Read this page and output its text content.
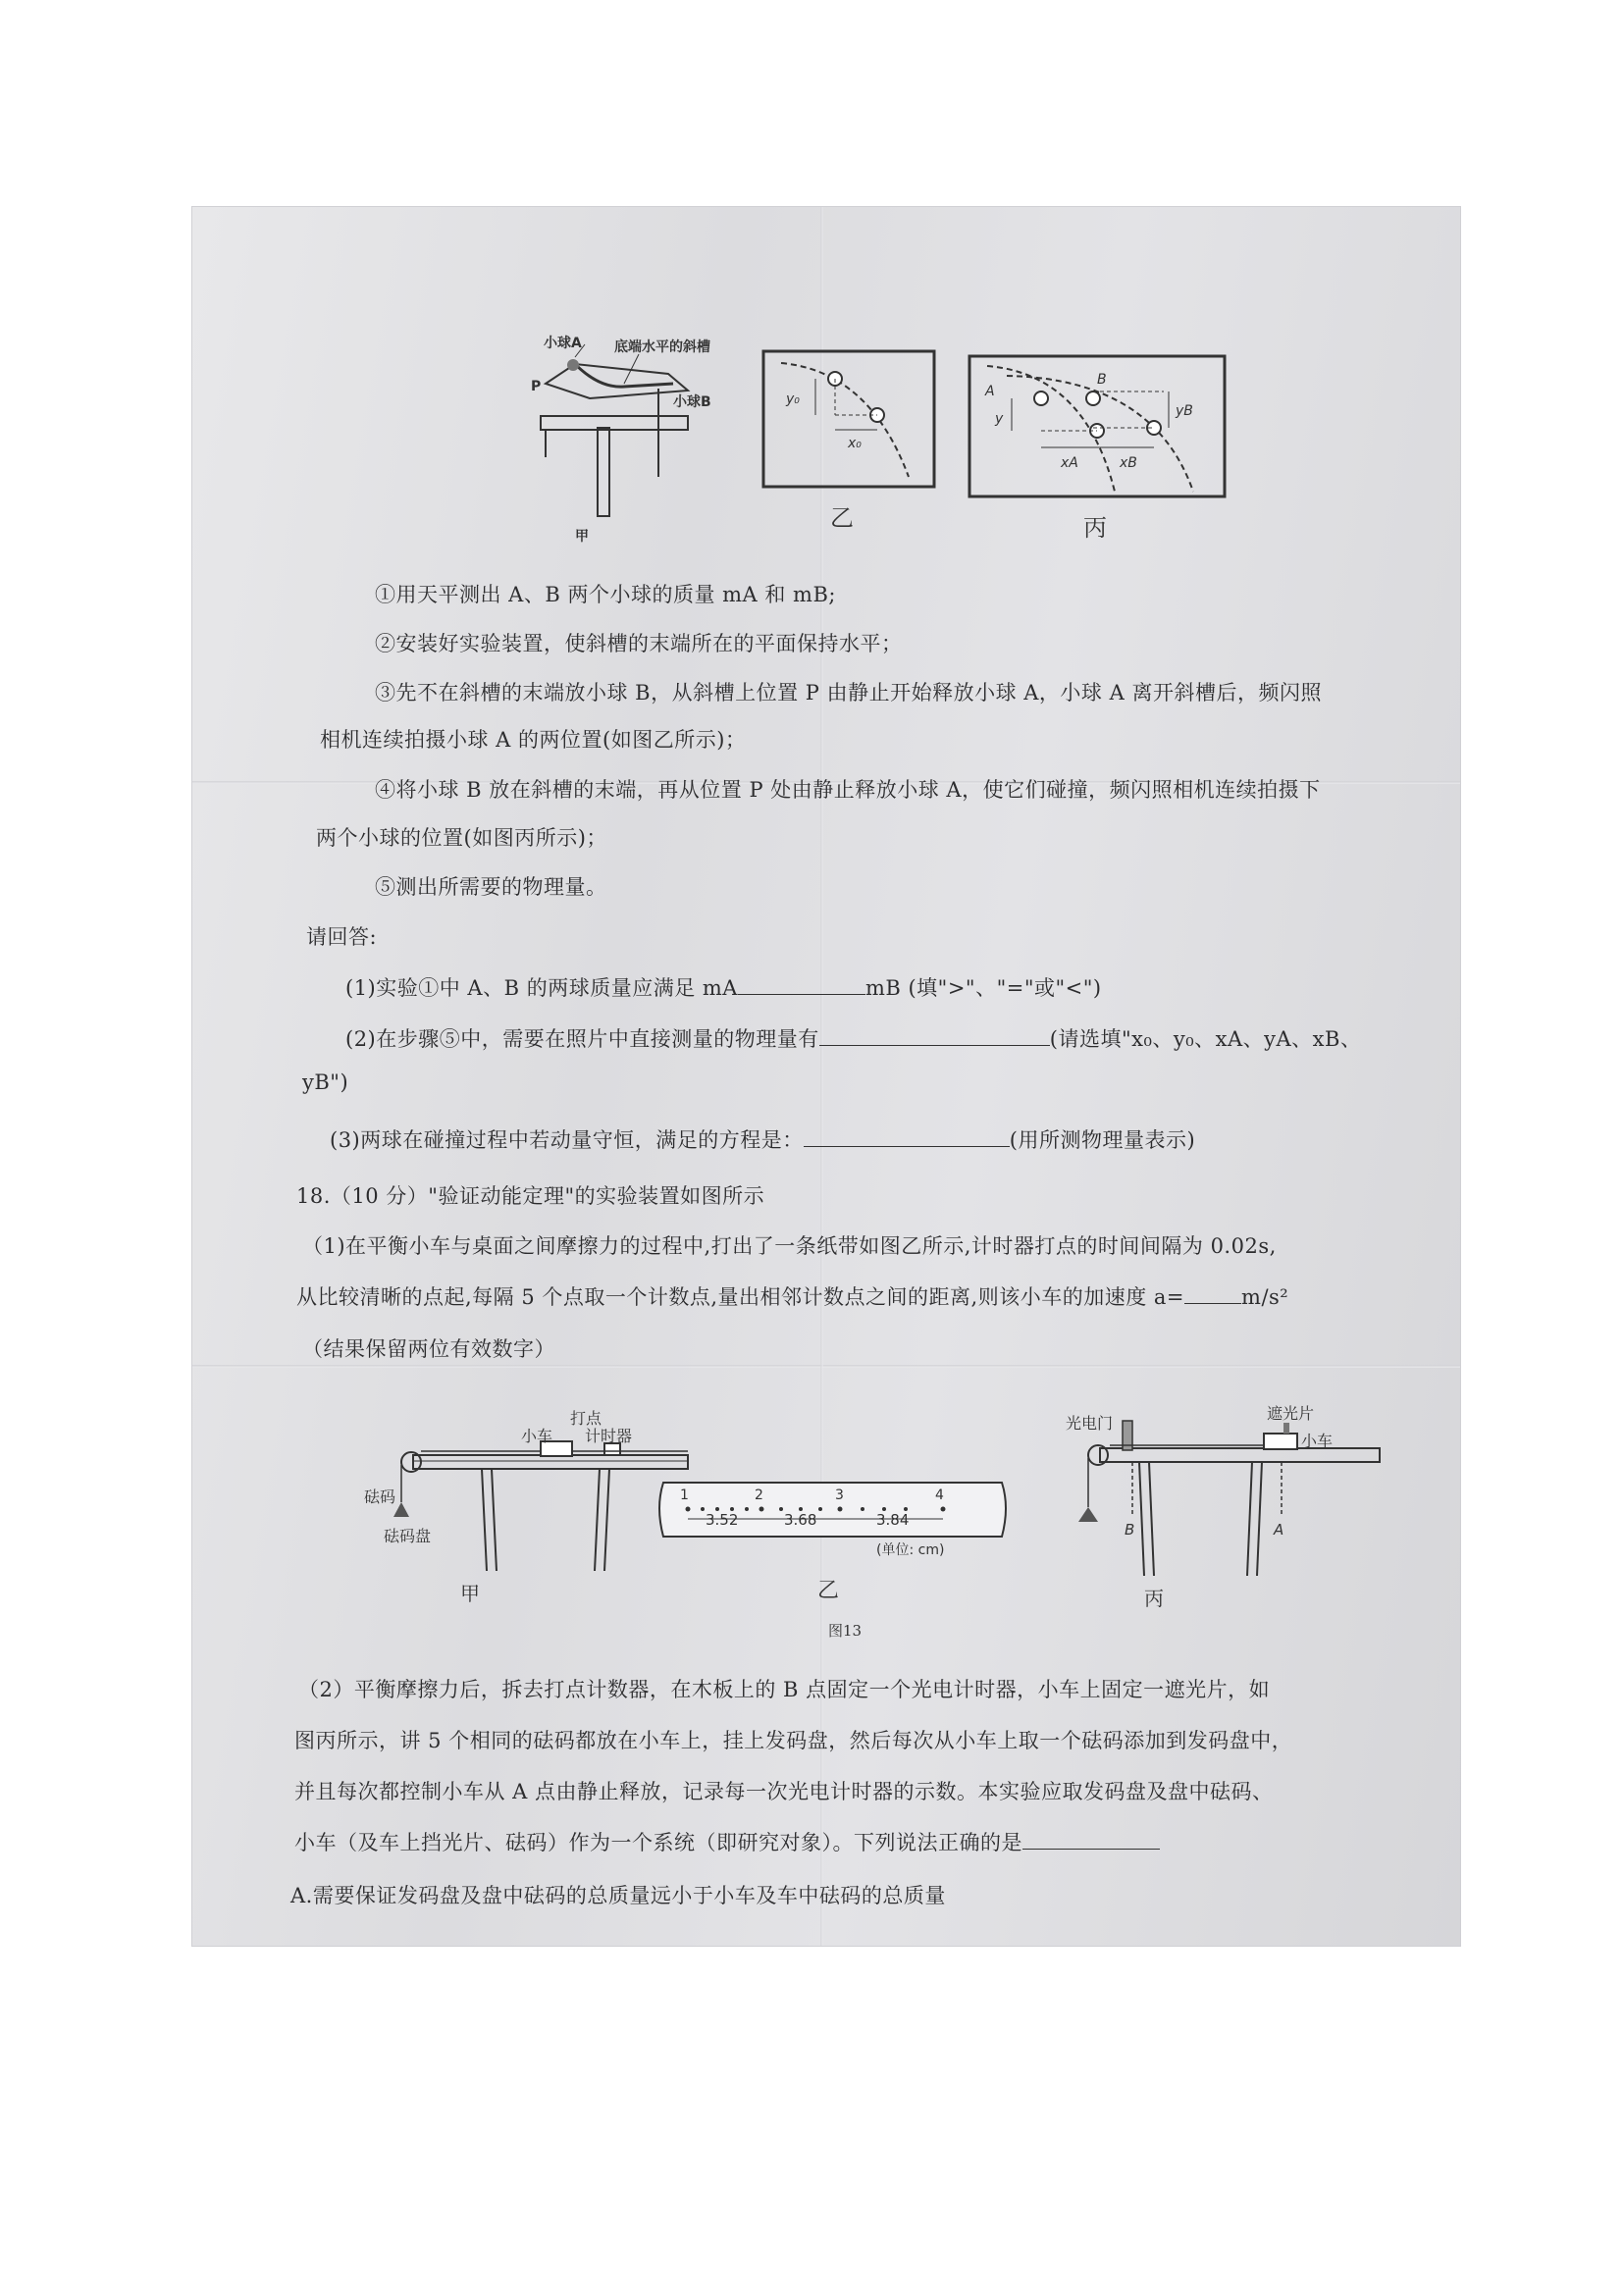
小球A 底端水平的斜槽
P
小球B
甲
y₀
x₀
乙
A
B
y	yB
xA	xB
丙
①用天平测出 A、B 两个小球的质量 mA 和 mB;
②安装好实验装置，使斜槽的末端所在的平面保持水平；
③先不在斜槽的末端放小球 B，从斜槽上位置 P 由静止开始释放小球 A，小球 A 离开斜槽后，频闪照
相机连续拍摄小球 A 的两位置(如图乙所示)；
④将小球 B 放在斜槽的末端，再从位置 P 处由静止释放小球 A，使它们碰撞，频闪照相机连续拍摄下
两个小球的位置(如图丙所示)；
⑤测出所需要的物理量。
请回答:
(1)实验①中 A、B 的两球质量应满足 mA	mB (填">"、"="或"<")
(2)在步骤⑤中，需要在照片中直接测量的物理量有	(请选填"x₀、y₀、xA、yA、xB、
yB")
(3)两球在碰撞过程中若动量守恒，满足的方程是：	(用所测物理量表示)
18.（10 分）"验证动能定理"的实验装置如图所示
（1)在平衡小车与桌面之间摩擦力的过程中,打出了一条纸带如图乙所示,计时器打点的时间间隔为 0.02s,
从比较清晰的点起,每隔 5 个点取一个计数点,量出相邻计数点之间的距离,则该小车的加速度 a=	m/s²
（结果保留两位有效数字）
打点
计时器
小车
砝码
砝码盘
甲
1	2	3	4
3.52	3.68	3.84
(单位: cm)
乙
图13
光电门
遮光片
小车
B	A
丙
（2）平衡摩擦力后，拆去打点计数器，在木板上的 B 点固定一个光电计时器，小车上固定一遮光片，如
图丙所示，讲 5 个相同的砝码都放在小车上，挂上发码盘，然后每次从小车上取一个砝码添加到发码盘中，
并且每次都控制小车从 A 点由静止释放，记录每一次光电计时器的示数。本实验应取发码盘及盘中砝码、
小车（及车上挡光片、砝码）作为一个系统（即研究对象）。下列说法正确的是
A.需要保证发码盘及盘中砝码的总质量远小于小车及车中砝码的总质量
